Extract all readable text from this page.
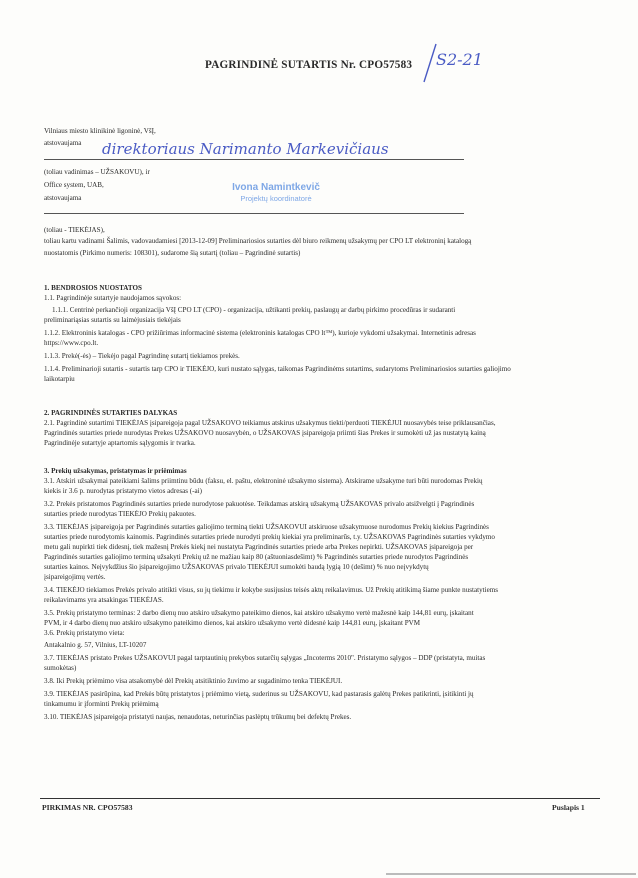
PAGRINDINĖ SUTARTIS Nr. CPO57583 S2-21
Vilniaus miesto klinikinė ligoninė, VšĮ,
atstovaujama direktoriaus Narimanto Markevičiaus
(toliau vadinimas – UŽSAKOVU), ir
Office system, UAB,
atstovaujama
Ivona Namintkevič
Projektų koordinatorė
(toliau - TIEKĖJAS),
toliau kartu vadinami Šalimis, vadovaudamiesi [2013-12-09] Preliminariosios sutarties dėl biuro reikmenų užsakymų per CPO LT elektroninį katalogą
nuostatomis (Pirkimo numeris: 108301), sudarome šią sutartį (toliau – Pagrindinė sutartis)
1. BENDROSIOS NUOSTATOS
1.1. Pagrindinėje sutartyje naudojamos sąvokos:
1.1.1. Centrinė perkančioji organizacija VšĮ CPO LT (CPO) - organizacija, užtikanti prekių, paslaugų ar darbų pirkimo procedūras ir sudaranti
preliminariąsias sutartis su laimėjusiais tiekėjais
1.1.2. Elektroninis katalogas - CPO prižiūrimas informacinė sistema (elektroninis katalogas CPO lt™), kurioje vykdomi užsakymai. Internetinis adresas
https://www.cpo.lt.
1.1.3. Prekė(-ės) – Tiekėjo pagal Pagrindinę sutartį tiekiamos prekės.
1.1.4. Preliminarioji sutartis - sutartis tarp CPO ir TIEKĖJO, kuri nustato sąlygas, taikomas Pagrindinėms sutartims, sudarytoms Preliminariosios sutarties galiojimo
laikotarpiu
2. PAGRINDINĖS SUTARTIES DALYKAS
2.1. Pagrindinė sutartimi TIEKĖJAS įsipareigoja pagal UŽSAKOVO teikiamus atskirus užsakymus tiekti/perduoti TIEKĖJUI nuosavybės teise priklausančias,
Pagrindinės sutarties priede nurodytas Prekes UŽSAKOVO nuosavybėn, o UŽSAKOVAS įsipareigoja priimti šias Prekes ir sumokėti už jas nustatytą kainą
Pagrindinėje sutartyje aptartomis sąlygomis ir tvarka.
3. Prekių užsakymas, pristatymas ir priėmimas
3.1. Atskiri užsakymai pateikiami šalims priimtinu būdu (faksu, el. paštu, elektroninė užsakymo sistema). Atskirame užsakyme turi būti nurodomas Prekių
kiekis ir 3.6 p. nurodytas pristatymo vietos adresas (-ai)
3.2. Prekės pristatomos Pagrindinės sutarties priede nurodytose pakuotėse. Teikdamas atskirą užsakymą UŽSAKOVAS privalo atsižvelgti į Pagrindinės
sutarties priede nurodytas TIEKĖJO Prekių pakuotes.
3.3. TIEKĖJAS įsipareigoja per Pagrindinės sutarties galiojimo terminą tiekti UŽSAKOVUI atskiruose užsakymuose nurodomus Prekių kiekius Pagrindinės
sutarties priede nurodytomis kainomis. Pagrindinės sutarties priede nurodyti prekių kiekiai yra preliminarūs, t.y. UŽSAKOVAS Pagrindinės sutarties vykdymo
metu gali nupirkti tiek didesnį, tiek mažesnį Prekės kiekį nei nustatyta Pagrindinės sutarties priede arba Prekes nepirkti. UŽSAKOVAS įsipareigoja per
Pagrindinės sutarties galiojimo terminą užsakyti Prekių už ne mažiau kaip 80 (aštuoniasdešimt) % Pagrindinės sutarties priede nurodytos Pagrindinės
sutarties kainos. Neįvykdžius šio įsipareigojimo UŽSAKOVAS privalo TIEKĖJUI sumokėti baudą lygią 10 (dešimt) % nuo neįvykdytų
įsipareigojimų vertės.
3.4. TIEKĖJO tiekiamos Prekės privalo atitikti visus, su jų tiekimu ir kokybe susijusius teisės aktų reikalavimus. Už Prekių atitikimą šiame punkte nustatytiems
reikalavimams yra atsakingas TIEKĖJAS.
3.5. Prekių pristatymo terminas: 2 darbo dienų nuo atskiro užsakymo pateikimo dienos, kai atskiro užsakymo vertė mažesnė kaip 144,81 eurų, įskaitant
PVM, ir 4 darbo dienų nuo atskiro užsakymo pateikimo dienos, kai atskiro užsakymo vertė didesnė kaip 144,81 eurų, įskaitant PVM
3.6. Prekių pristatymo vieta:
Antakalnio g. 57, Vilnius, LT-10207
3.7. TIEKĖJAS pristato Prekes UŽSAKOVUI pagal tarptautinių prekybos sutarčių sąlygas „Incoterms 2010". Pristatymo sąlygos – DDP (pristatyta, muitas
sumokėtas)
3.8. Iki Prekių priėmimo visa atsakomybė dėl Prekių atsitiktinio žuvimo ar sugadinimo tenka TIEKĖJUI.
3.9. TIEKĖJAS pasirūpina, kad Prekės būtų pristatytos į priėmimo vietą, suderinus su UŽSAKOVU, kad pastarasis galėtų Prekes patikrinti, įsitikinti jų
tinkamumu ir įforminti Prekių priėmimą
3.10. TIEKĖJAS įsipareigoja pristatyti naujas, nenaudotas, neturinčias paslėptų trūkumų bei defektų Prekes.
PIRKIMAS NR. CPO57583	Puslapis 1
